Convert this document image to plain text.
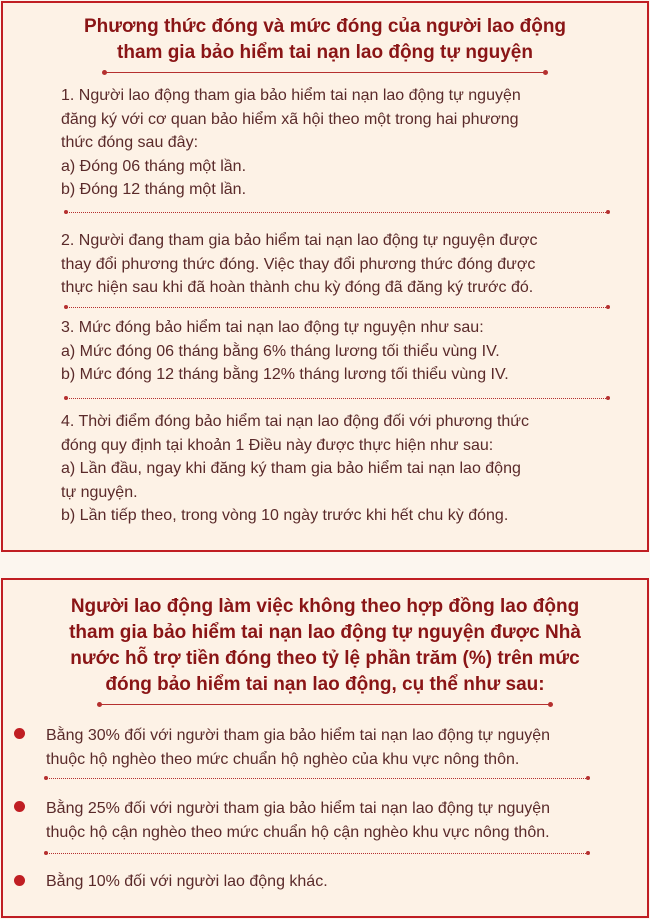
Phương thức đóng và mức đóng của người lao động
tham gia bảo hiểm tai nạn lao động tự nguyện

1. Người lao động tham gia bảo hiểm tai nạn lao động tự nguyện
đăng ký với cơ quan bảo hiểm xã hội theo một trong hai phương
thức đóng sau đây:
a) Đóng 06 tháng một lần.
b) Đóng 12 tháng một lần.

2. Người đang tham gia bảo hiểm tai nạn lao động tự nguyện được
thay đổi phương thức đóng. Việc thay đổi phương thức đóng được
thực hiện sau khi đã hoàn thành chu kỳ đóng đã đăng ký trước đó.

3. Mức đóng bảo hiểm tai nạn lao động tự nguyện như sau:
a) Mức đóng 06 tháng bằng 6% tháng lương tối thiểu vùng IV.
b) Mức đóng 12 tháng bằng 12% tháng lương tối thiểu vùng IV.

4. Thời điểm đóng bảo hiểm tai nạn lao động đối với phương thức
đóng quy định tại khoản 1 Điều này được thực hiện như sau:
a) Lần đầu, ngay khi đăng ký tham gia bảo hiểm tai nạn lao động
tự nguyện.
b) Lần tiếp theo, trong vòng 10 ngày trước khi hết chu kỳ đóng.

Người lao động làm việc không theo hợp đồng lao động
tham gia bảo hiểm tai nạn lao động tự nguyện được Nhà
nước hỗ trợ tiền đóng theo tỷ lệ phần trăm (%) trên mức
đóng bảo hiểm tai nạn lao động, cụ thể như sau:

Bằng 30% đối với người tham gia bảo hiểm tai nạn lao động tự nguyện
thuộc hộ nghèo theo mức chuẩn hộ nghèo của khu vực nông thôn.

Bằng 25% đối với người tham gia bảo hiểm tai nạn lao động tự nguyện
thuộc hộ cận nghèo theo mức chuẩn hộ cận nghèo khu vực nông thôn.

Bằng 10% đối với người lao động khác.
